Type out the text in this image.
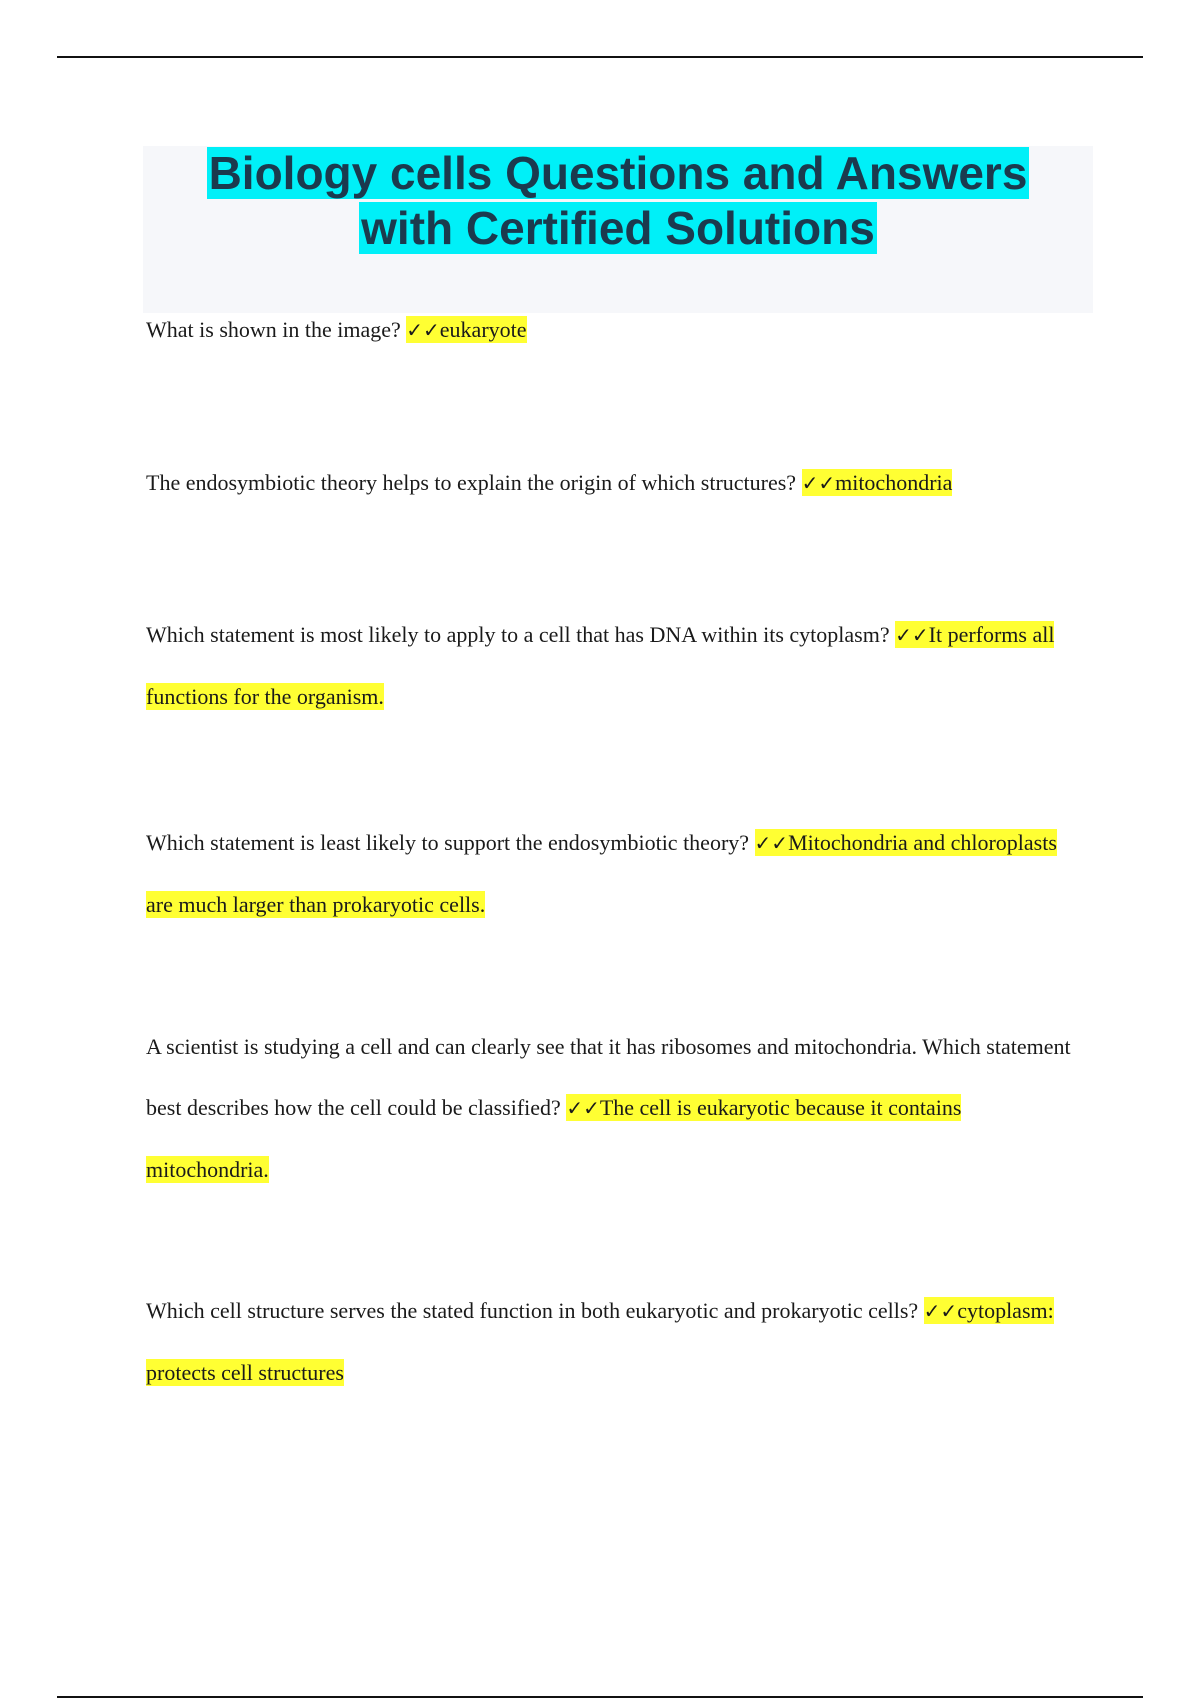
Biology cells Questions and Answers
with Certified Solutions

What is shown in the image? ✓✓eukaryote

The endosymbiotic theory helps to explain the origin of which structures? ✓✓mitochondria

Which statement is most likely to apply to a cell that has DNA within its cytoplasm? ✓✓It performs all functions for the organism.

Which statement is least likely to support the endosymbiotic theory? ✓✓Mitochondria and chloroplasts are much larger than prokaryotic cells.

A scientist is studying a cell and can clearly see that it has ribosomes and mitochondria. Which statement best describes how the cell could be classified? ✓✓The cell is eukaryotic because it contains mitochondria.

Which cell structure serves the stated function in both eukaryotic and prokaryotic cells? ✓✓cytoplasm: protects cell structures
